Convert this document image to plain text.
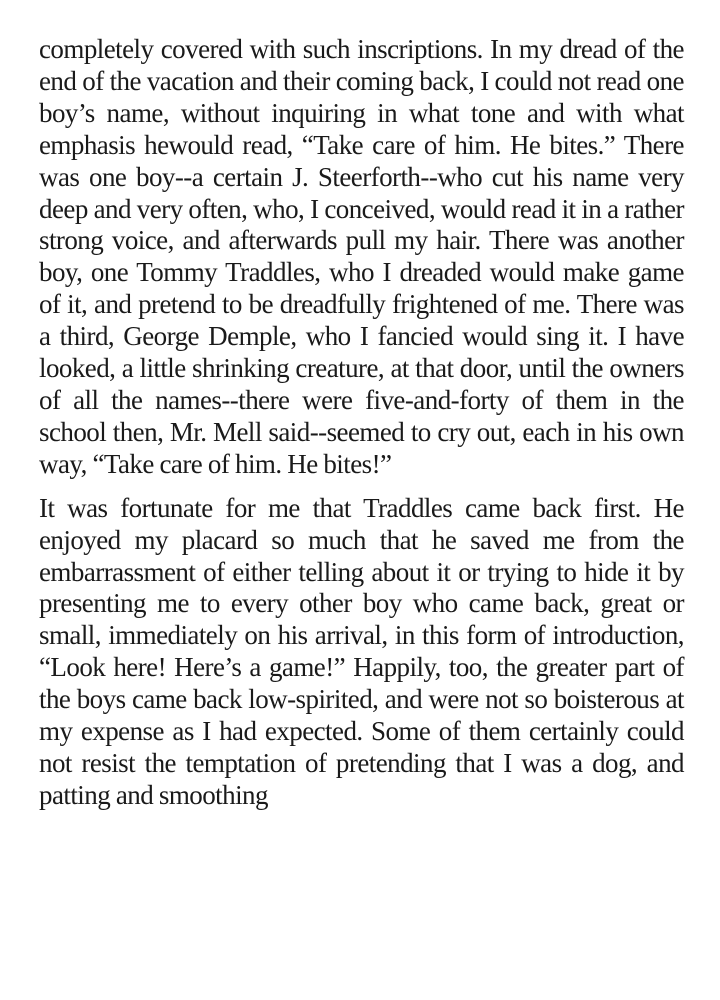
completely covered with such inscriptions. In my dread of the end of the vacation and their coming back, I could not read one boy’s name, without inquiring in what tone and with what emphasis hewould read, “Take care of him. He bites.” There was one boy--a certain J. Steerforth--who cut his name very deep and very often, who, I conceived, would read it in a rather strong voice, and afterwards pull my hair. There was another boy, one Tommy Traddles, who I dreaded would make game of it, and pretend to be dreadfully frightened of me. There was a third, George Demple, who I fancied would sing it. I have looked, a little shrinking creature, at that door, until the owners of all the names--there were five-and-forty of them in the school then, Mr. Mell said--seemed to cry out, each in his own way, “Take care of him. He bites!”

It was fortunate for me that Traddles came back first. He enjoyed my placard so much that he saved me from the embarrassment of either telling about it or trying to hide it by presenting me to every other boy who came back, great or small, immediately on his arrival, in this form of introduction, “Look here! Here’s a game!” Happily, too, the greater part of the boys came back low-spirited, and were not so boisterous at my expense as I had expected. Some of them certainly could not resist the temptation of pretending that I was a dog, and patting and smoothing
